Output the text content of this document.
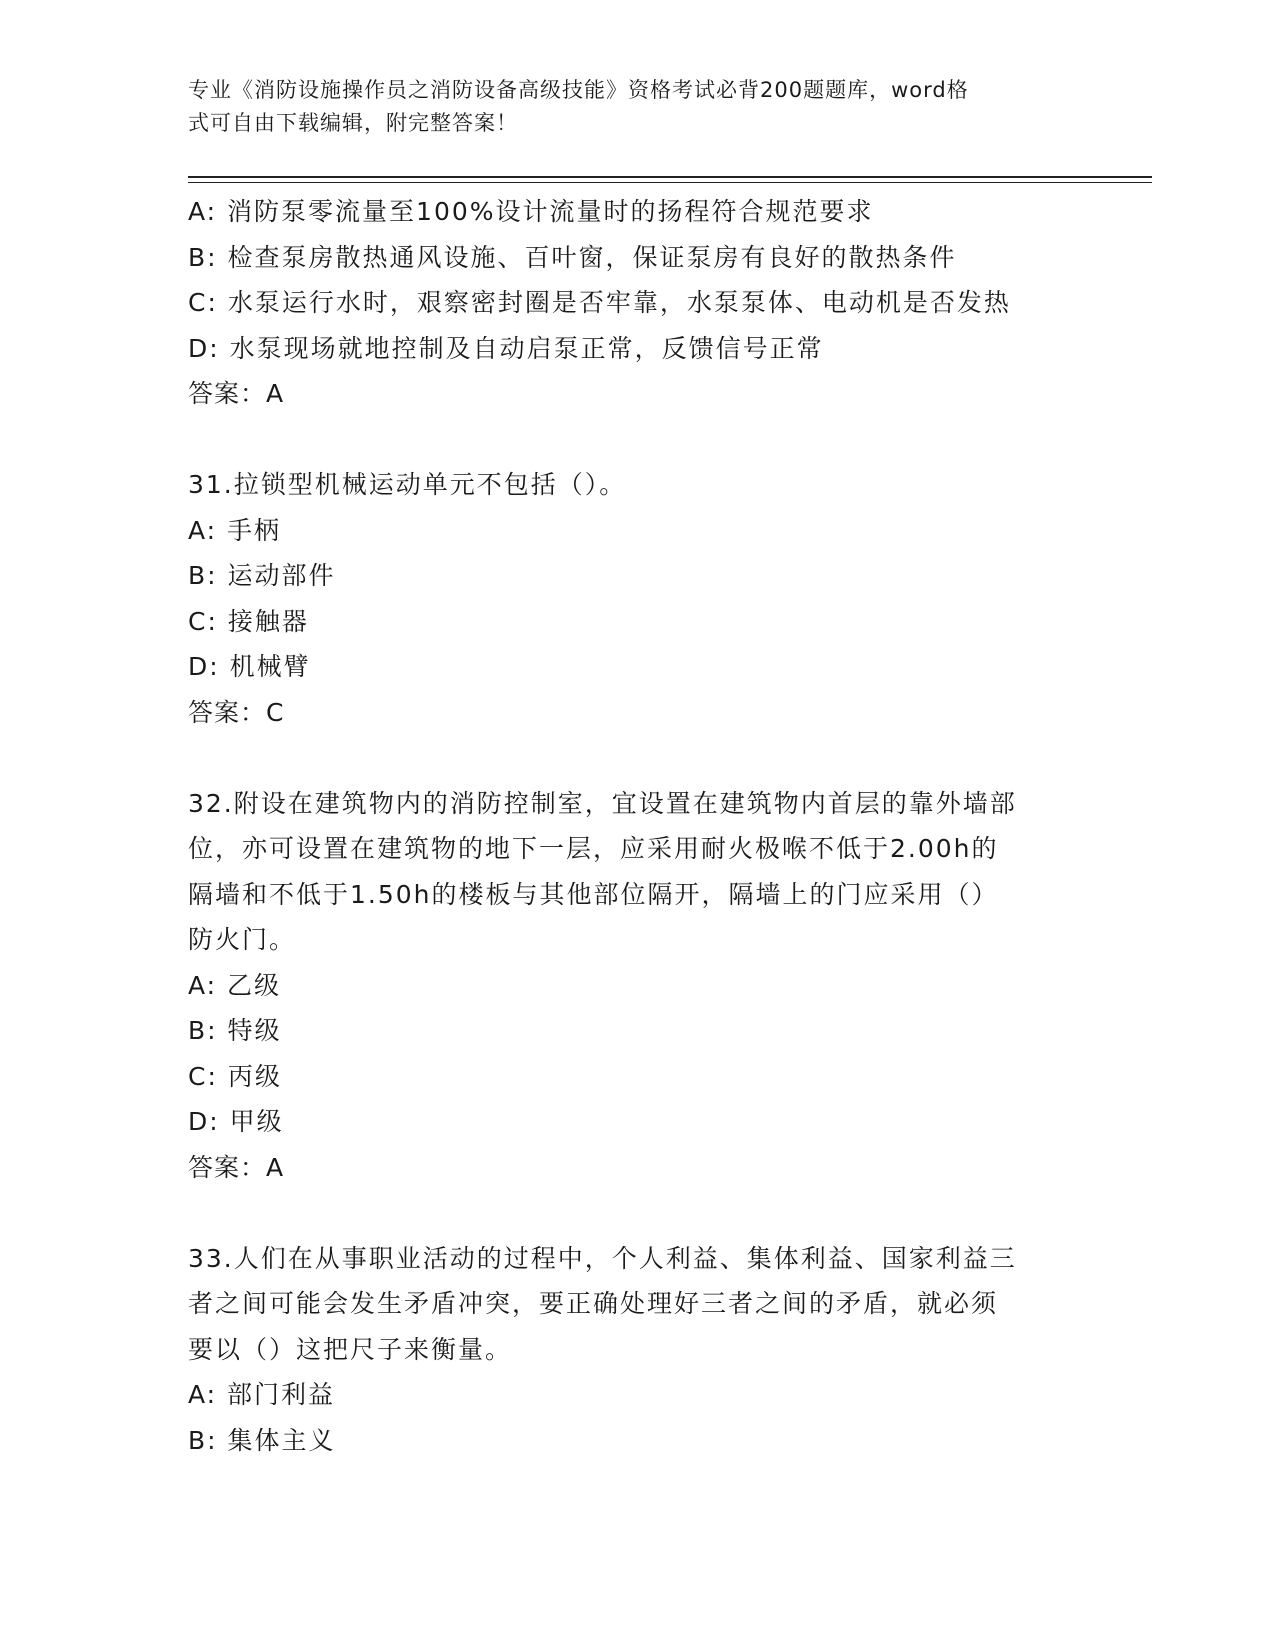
专业《消防设施操作员之消防设备高级技能》资格考试必背200题题库，word格
式可自由下载编辑，附完整答案！
A: 消防泵零流量至100%设计流量时的扬程符合规范要求
B: 检查泵房散热通风设施、百叶窗，保证泵房有良好的散热条件
C: 水泵运行水时，艰察密封圈是否牢靠，水泵泵体、电动机是否发热
D: 水泵现场就地控制及自动启泵正常，反馈信号正常
答案：A
31.拉锁型机械运动单元不包括（）。
A: 手柄
B: 运动部件
C: 接触器
D: 机械臂
答案：C
32.附设在建筑物内的消防控制室，宜设置在建筑物内首层的靠外墙部
位，亦可设置在建筑物的地下一层，应采用耐火极喉不低于2.00h的
隔墙和不低于1.50h的楼板与其他部位隔开，隔墙上的门应采用（）
防火门。
A: 乙级
B: 特级
C: 丙级
D: 甲级
答案：A
33.人们在从事职业活动的过程中，个人利益、集体利益、国家利益三
者之间可能会发生矛盾冲突，要正确处理好三者之间的矛盾，就必须
要以（）这把尺子来衡量。
A: 部门利益
B: 集体主义
